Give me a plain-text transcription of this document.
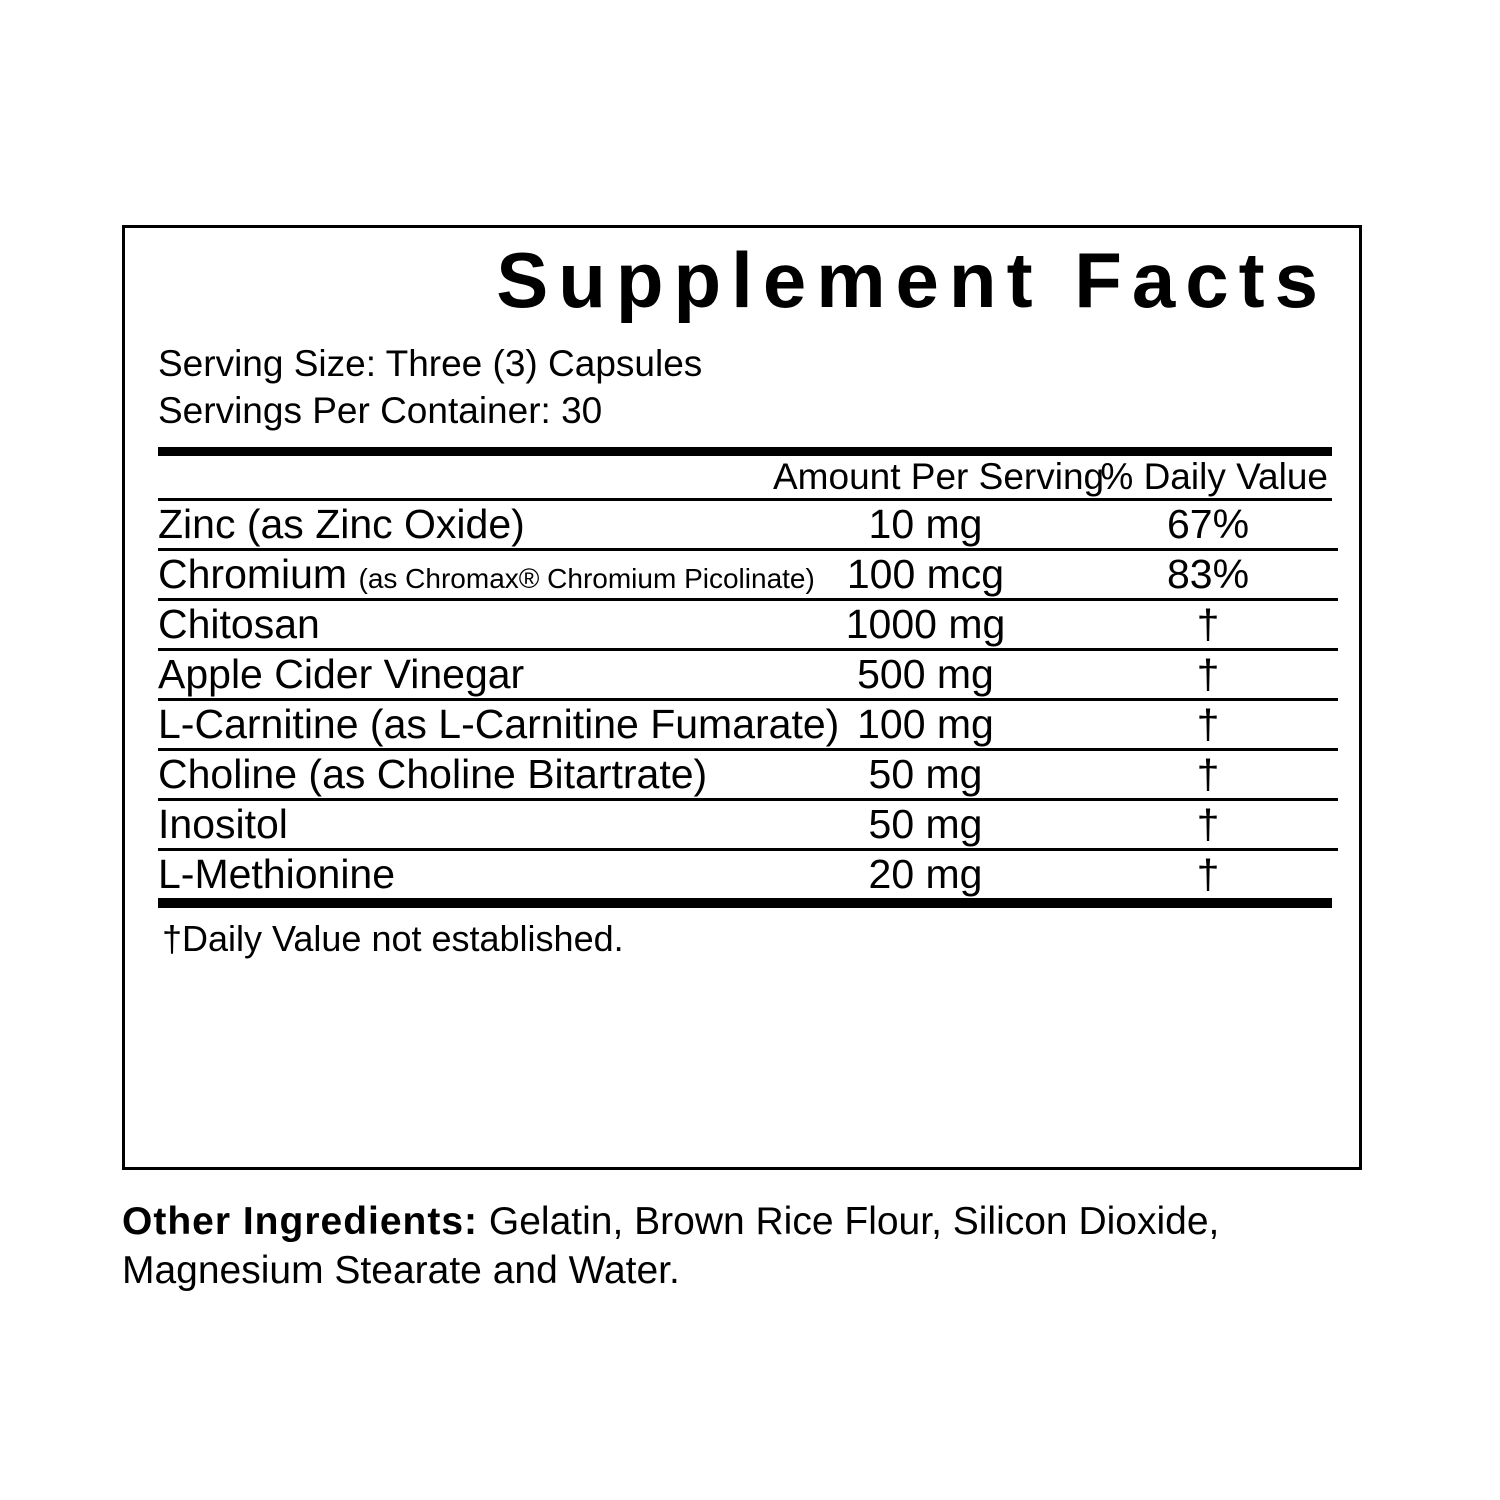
Supplement Facts
Serving Size: Three (3) Capsules
Servings Per Container: 30
	Amount Per Serving	% Daily Value
Zinc (as Zinc Oxide)	10 mg	67%

Chromium (as Chromax® Chromium Picolinate)	100 mcg	83%

Chitosan	1000 mg	†

Apple Cider Vinegar	500 mg	†

L-Carnitine (as L-Carnitine Fumarate)	100 mg	†

Choline (as Choline Bitartrate)	50 mg	†

Inositol	50 mg	†

L-Methionine	20 mg	†
†Daily Value not established.
Other Ingredients: Gelatin, Brown Rice Flour, Silicon Dioxide, Magnesium Stearate and Water.
